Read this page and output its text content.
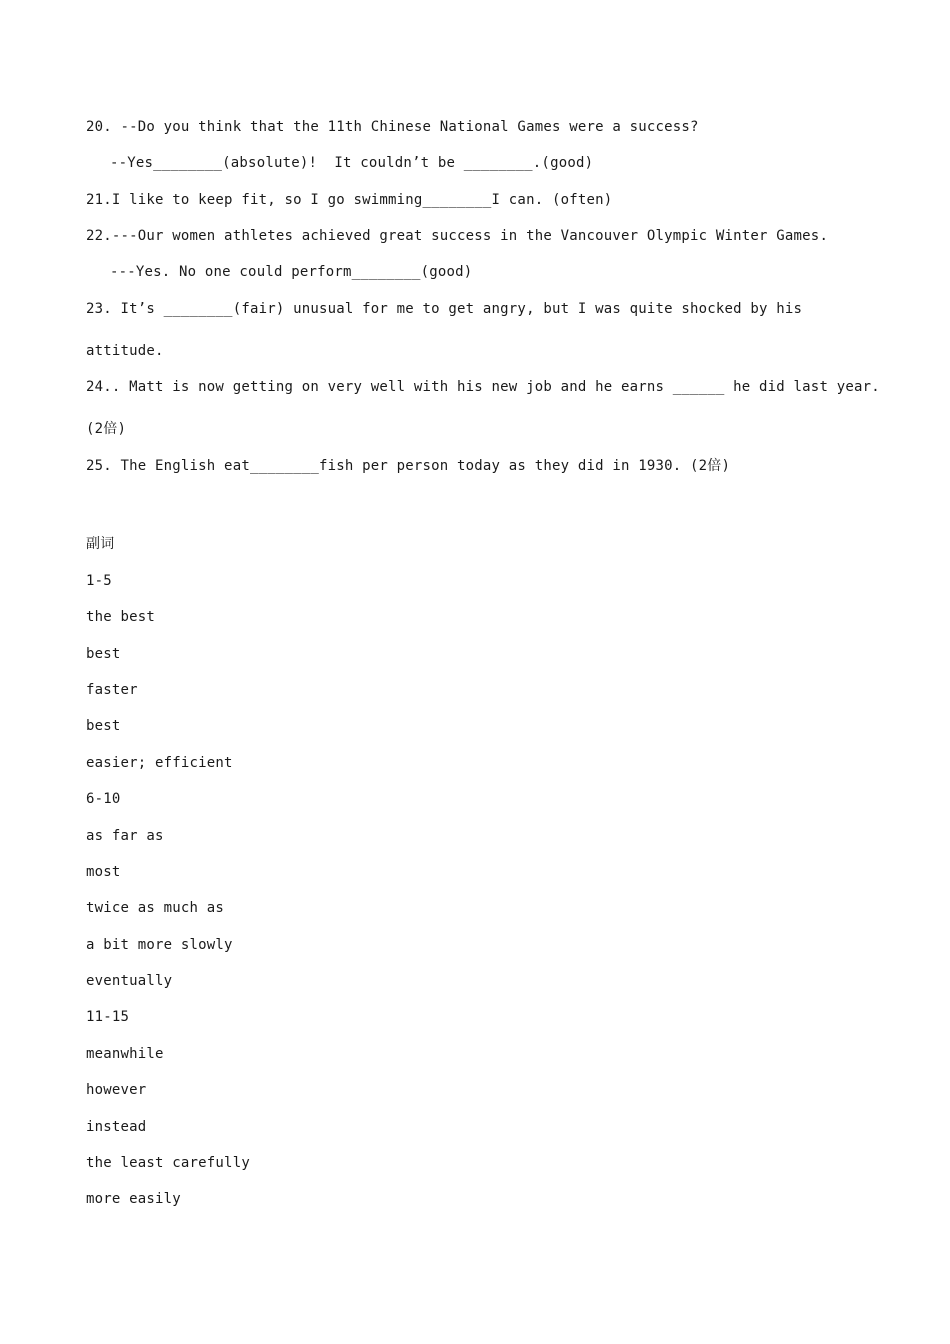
20. --Do you think that the 11th Chinese National Games were a success?
--Yes________(absolute)!  It couldn’t be ________.(good)
21.I like to keep fit, so I go swimming________I can. (often)
22.---Our women athletes achieved great success in the Vancouver Olympic Winter Games.
---Yes. No one could perform________(good)
23. It’s ________(fair) unusual for me to get angry, but I was quite shocked by his
attitude.
24.. Matt is now getting on very well with his new job and he earns ______ he did last year.
(2倍)
25. The English eat________fish per person today as they did in 1930. (2倍)
副词
1-5
the best
best
faster
best
easier; efficient
6-10
as far as
most
twice as much as
a bit more slowly
eventually
11-15
meanwhile
however
instead
the least carefully
more easily
